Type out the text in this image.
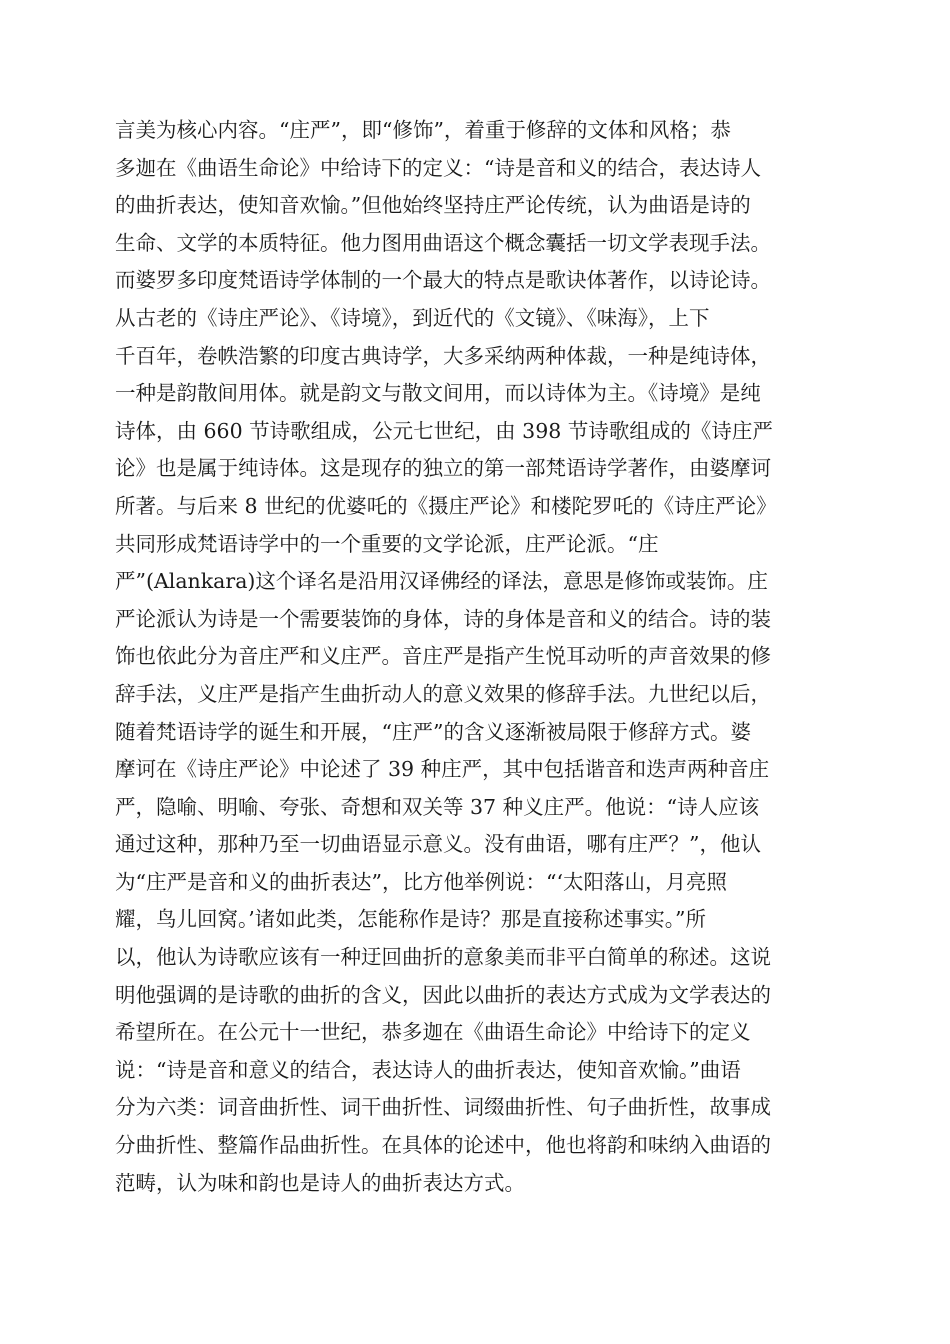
言美为核心内容。“庄严”，即“修饰”，着重于修辞的文体和风格；恭
多迦在《曲语生命论》中给诗下的定义：“诗是音和义的结合，表达诗人
的曲折表达，使知音欢愉。”但他始终坚持庄严论传统，认为曲语是诗的
生命、文学的本质特征。他力图用曲语这个概念囊括一切文学表现手法。
而婆罗多印度梵语诗学体制的一个最大的特点是歌诀体著作，以诗论诗。
从古老的《诗庄严论》、《诗境》，到近代的《文镜》、《味海》，上下
千百年，卷帙浩繁的印度古典诗学，大多采纳两种体裁，一种是纯诗体，
一种是韵散间用体。就是韵文与散文间用，而以诗体为主。《诗境》是纯
诗体，由 660 节诗歌组成，公元七世纪，由 398 节诗歌组成的《诗庄严
论》也是属于纯诗体。这是现存的独立的第一部梵语诗学著作，由婆摩诃
所著。与后来 8 世纪的优婆吒的《摄庄严论》和楼陀罗吒的《诗庄严论》
共同形成梵语诗学中的一个重要的文学论派，庄严论派。“庄
严”(Alankara)这个译名是沿用汉译佛经的译法，意思是修饰或装饰。庄
严论派认为诗是一个需要装饰的身体，诗的身体是音和义的结合。诗的装
饰也依此分为音庄严和义庄严。音庄严是指产生悦耳动听的声音效果的修
辞手法，义庄严是指产生曲折动人的意义效果的修辞手法。九世纪以后，
随着梵语诗学的诞生和开展，“庄严”的含义逐渐被局限于修辞方式。婆
摩诃在《诗庄严论》中论述了 39 种庄严，其中包括谐音和迭声两种音庄
严，隐喻、明喻、夸张、奇想和双关等 37 种义庄严。他说：“诗人应该
通过这种，那种乃至一切曲语显示意义。没有曲语，哪有庄严？”，他认
为“庄严是音和义的曲折表达”，比方他举例说：“‘太阳落山，月亮照
耀，鸟儿回窝。’诸如此类，怎能称作是诗？那是直接称述事实。”所
以，他认为诗歌应该有一种迂回曲折的意象美而非平白简单的称述。这说
明他强调的是诗歌的曲折的含义，因此以曲折的表达方式成为文学表达的
希望所在。在公元十一世纪，恭多迦在《曲语生命论》中给诗下的定义
说：“诗是音和意义的结合，表达诗人的曲折表达，使知音欢愉。”曲语
分为六类：词音曲折性、词干曲折性、词缀曲折性、句子曲折性，故事成
分曲折性、整篇作品曲折性。在具体的论述中，他也将韵和味纳入曲语的
范畴，认为味和韵也是诗人的曲折表达方式。
